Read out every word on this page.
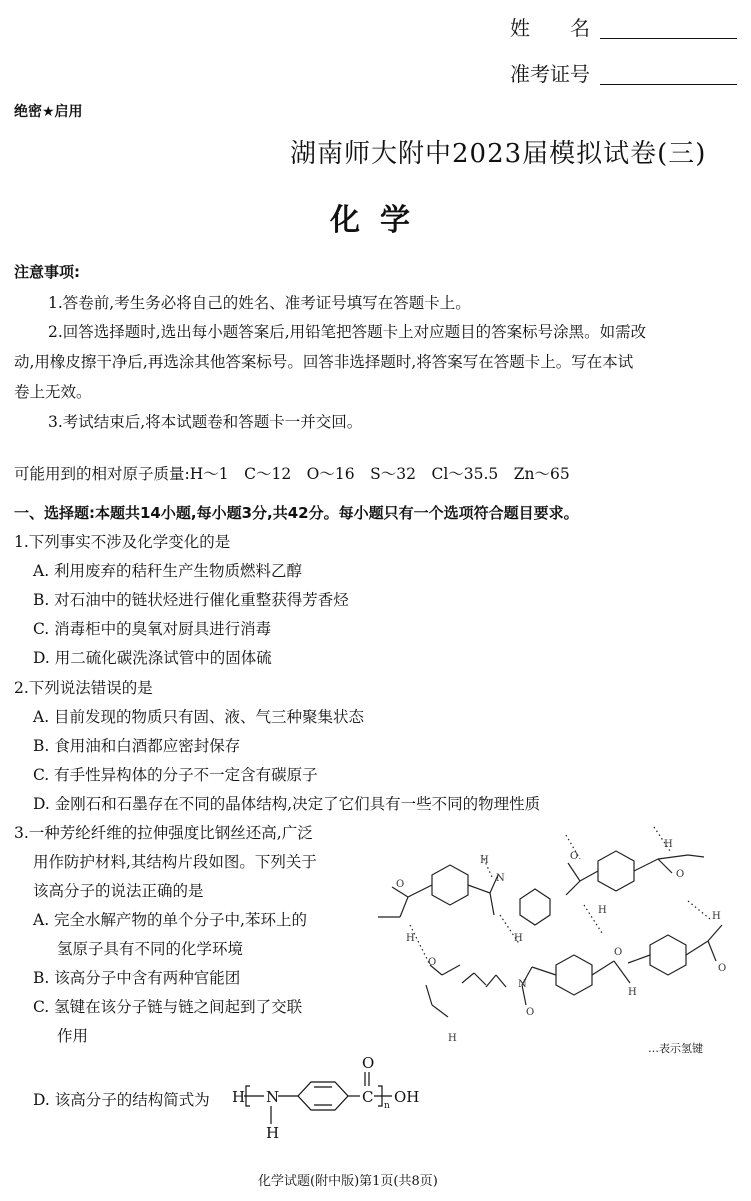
姓　　名
准考证号
绝密★启用
湖南师大附中2023届模拟试卷(三)
化学
注意事项:
1.答卷前,考生务必将自己的姓名、准考证号填写在答题卡上。
2.回答选择题时,选出每小题答案后,用铅笔把答题卡上对应题目的答案标号涂黑。如需改
动,用橡皮擦干净后,再选涂其他答案标号。回答非选择题时,将答案写在答题卡上。写在本试
卷上无效。
3.考试结束后,将本试题卷和答题卡一并交回。
可能用到的相对原子质量:H～1　C～12　O～16　S～32　Cl～35.5　Zn～65
一、选择题:本题共14小题,每小题3分,共42分。每小题只有一个选项符合题目要求。
1.下列事实不涉及化学变化的是
A. 利用废弃的秸秆生产生物质燃料乙醇
B. 对石油中的链状烃进行催化重整获得芳香烃
C. 消毒柜中的臭氧对厨具进行消毒
D. 用二硫化碳洗涤试管中的固体硫
2.下列说法错误的是
A. 目前发现的物质只有固、液、气三种聚集状态
B. 食用油和白酒都应密封保存
C. 有手性异构体的分子不一定含有碳原子
D. 金刚石和石墨存在不同的晶体结构,决定了它们具有一些不同的物理性质
3.一种芳纶纤维的拉伸强度比钢丝还高,广泛
用作防护材料,其结构片段如图。下列关于
该高分子的说法正确的是
A. 完全水解产物的单个分子中,苯环上的
氢原子具有不同的化学环境
B. 该高分子中含有两种官能团
C. 氢键在该分子链与链之间起到了交联
作用
H
N
O
H
O
H
O
H
H
O
H
H
N
O
H
O
O
…表示氢键
D. 该高分子的结构简式为 H N
H
O
C OH
n
化学试题(附中版)第1页(共8页)
